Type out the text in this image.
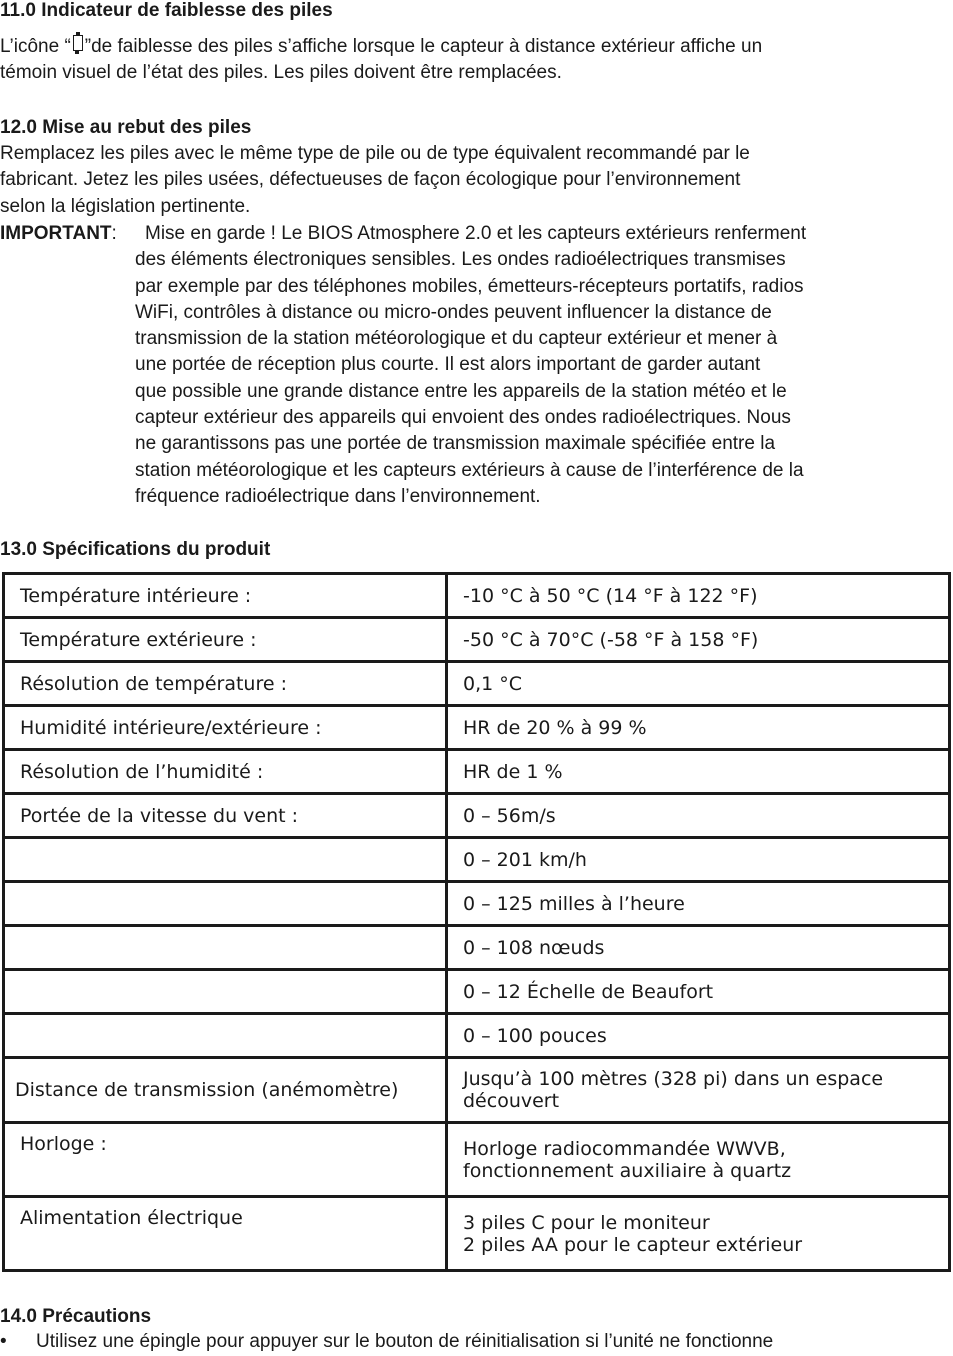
11.0 Indicateur de faiblesse des piles
L’icône “ ”de faiblesse des piles s’affiche lorsque le capteur à distance extérieur affiche un
témoin visuel de l’état des piles. Les piles doivent être remplacées.
12.0 Mise au rebut des piles
Remplacez les piles avec le même type de pile ou de type équivalent recommandé par le
fabricant. Jetez les piles usées, défectueuses de façon écologique pour l’environnement
selon la législation pertinente.
IMPORTANT: Mise en garde ! Le BIOS Atmosphere 2.0 et les capteurs extérieurs renferment
des éléments électroniques sensibles. Les ondes radioélectriques transmises
par exemple par des téléphones mobiles, émetteurs-récepteurs portatifs, radios
WiFi, contrôles à distance ou micro-ondes peuvent influencer la distance de
transmission de la station météorologique et du capteur extérieur et mener à
une portée de réception plus courte. Il est alors important de garder autant
que possible une grande distance entre les appareils de la station météo et le
capteur extérieur des appareils qui envoient des ondes radioélectriques. Nous
ne garantissons pas une portée de transmission maximale spécifiée entre la
station météorologique et les capteurs extérieurs à cause de l’interférence de la
fréquence radioélectrique dans l’environnement.
13.0 Spécifications du produit
Température intérieure :	-10 °C à 50 °C (14 °F à 122 °F)

Température extérieure :	-50 °C à 70°C (-58 °F à 158 °F)

Résolution de température :	0,1 °C

Humidité intérieure/extérieure :	HR de 20 % à 99 %

Résolution de l’humidité :	HR de 1 %

Portée de la vitesse du vent :	0 – 56m/s

	0 – 201 km/h

	0 – 125 milles à l’heure

	0 – 108 nœuds

	0 – 12 Échelle de Beaufort

	0 – 100 pouces

Distance de transmission (anémomètre)	Jusqu’à 100 mètres (328 pi) dans un espace
découvert

Horloge :	Horloge radiocommandée WWVB,
fonctionnement auxiliaire à quartz

Alimentation électrique	3 piles C pour le moniteur
2 piles AA pour le capteur extérieur
14.0 Précautions
• Utilisez une épingle pour appuyer sur le bouton de réinitialisation si l’unité ne fonctionne
